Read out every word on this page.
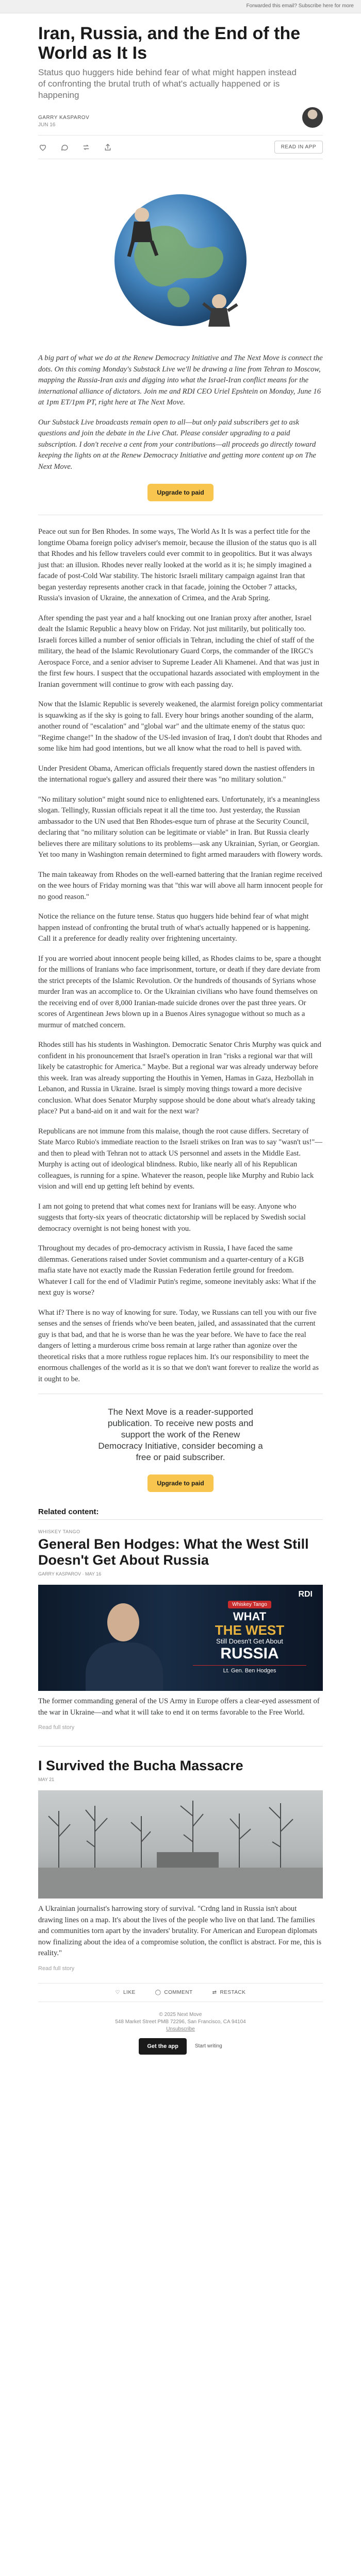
Forwarded this email? Subscribe here for more
Iran, Russia, and the End of the World as It Is
Status quo huggers hide behind fear of what might happen instead of confronting the brutal truth of what's actually happened or is happening
GARRY KASPAROV
JUN 16
READ IN APP

A big part of what we do at the Renew Democracy Initiative and The Next Move is connect the dots. On this coming Monday's Substack Live we'll be drawing a line from Tehran to Moscow, mapping the Russia-Iran axis and digging into what the Israel-Iran conflict means for the international alliance of dictators. Join me and RDI CEO Uriel Epshtein on Monday, June 16 at 1pm ET/1pm PT, right here at The Next Move.

Our Substack Live broadcasts remain open to all—but only paid subscribers get to ask questions and join the debate in the Live Chat. Please consider upgrading to a paid subscription. I don't receive a cent from your contributions—all proceeds go directly toward keeping the lights on at the Renew Democracy Initiative and getting more content up on The Next Move.

Upgrade to paid

Peace out sun for Ben Rhodes. In some ways, The World As It Is was a perfect title for the longtime Obama foreign policy adviser's memoir, because the illusion of the status quo is all that Rhodes and his fellow travelers could ever commit to in geopolitics. But it was always just that: an illusion. Rhodes never really looked at the world as it is; he simply imagined a facade of post-Cold War stability. The historic Israeli military campaign against Iran that began yesterday represents another crack in that facade, joining the October 7 attacks, Russia's invasion of Ukraine, the annexation of Crimea, and the Arab Spring.

After spending the past year and a half knocking out one Iranian proxy after another, Israel dealt the Islamic Republic a heavy blow on Friday. Not just militarily, but politically too. Israeli forces killed a number of senior officials in Tehran, including the chief of staff of the military, the head of the Islamic Revolutionary Guard Corps, the commander of the IRGC's Aerospace Force, and a senior adviser to Supreme Leader Ali Khamenei. And that was just in the first few hours. I suspect that the occupational hazards associated with employment in the Iranian government will continue to grow with each passing day.

Now that the Islamic Republic is severely weakened, the alarmist foreign policy commentariat is squawking as if the sky is going to fall. Every hour brings another sounding of the alarm, another round of "escalation" and "global war" and the ultimate enemy of the status quo: "Regime change!" In the shadow of the US-led invasion of Iraq, I don't doubt that Rhodes and some like him had good intentions, but we all know what the road to hell is paved with.

Under President Obama, American officials frequently stared down the nastiest offenders in the international rogue's gallery and assured their there was "no military solution."

"No military solution" might sound nice to enlightened ears. Unfortunately, it's a meaningless slogan. Tellingly, Russian officials repeat it all the time too. Just yesterday, the Russian ambassador to the UN used that Ben Rhodes-esque turn of phrase at the Security Council, declaring that "no military solution can be legitimate or viable" in Iran. But Russia clearly believes there are military solutions to its problems—ask any Ukrainian, Syrian, or Georgian. Yet too many in Washington remain determined to fight armed marauders with flowery words.

The main takeaway from Rhodes on the well-earned battering that the Iranian regime received on the wee hours of Friday morning was that "this war will above all harm innocent people for no good reason."

Notice the reliance on the future tense. Status quo huggers hide behind fear of what might happen instead of confronting the brutal truth of what's actually happened or is happening. Call it a preference for deadly reality over frightening uncertainty.

If you are worried about innocent people being killed, as Rhodes claims to be, spare a thought for the millions of Iranians who face imprisonment, torture, or death if they dare deviate from the strict precepts of the Islamic Revolution. Or the hundreds of thousands of Syrians whose murder Iran was an accomplice to. Or the Ukrainian civilians who have found themselves on the receiving end of over 8,000 Iranian-made suicide drones over the past three years. Or scores of Argentinean Jews blown up in a Buenos Aires synagogue without so much as a murmur of matched concern.

Rhodes still has his students in Washington. Democratic Senator Chris Murphy was quick and confident in his pronouncement that Israel's operation in Iran "risks a regional war that will likely be catastrophic for America." Maybe. But a regional war was already underway before this week. Iran was already supporting the Houthis in Yemen, Hamas in Gaza, Hezbollah in Lebanon, and Russia in Ukraine. Israel is simply moving things toward a more decisive conclusion. What does Senator Murphy suppose should be done about what's already taking place? Put a band-aid on it and wait for the next war?

Republicans are not immune from this malaise, though the root cause differs. Secretary of State Marco Rubio's immediate reaction to the Israeli strikes on Iran was to say "wasn't us!"—and then to plead with Tehran not to attack US personnel and assets in the Middle East. Murphy is acting out of ideological blindness. Rubio, like nearly all of his Republican colleagues, is running for a spine. Whatever the reason, people like Murphy and Rubio lack vision and will end up getting left behind by events.

I am not going to pretend that what comes next for Iranians will be easy. Anyone who suggests that forty-six years of theocratic dictatorship will be replaced by Swedish social democracy overnight is not being honest with you.

Throughout my decades of pro-democracy activism in Russia, I have faced the same dilemmas. Generations raised under Soviet communism and a quarter-century of a KGB mafia state have not exactly made the Russian Federation fertile ground for freedom. Whatever I call for the end of Vladimir Putin's regime, someone inevitably asks: What if the next guy is worse?

What if? There is no way of knowing for sure. Today, we Russians can tell you with our five senses and the senses of friends who've been beaten, jailed, and assassinated that the current guy is that bad, and that he is worse than he was the year before. We have to face the real dangers of letting a murderous crime boss remain at large rather than agonize over the theoretical risks that a more ruthless rogue replaces him. It's our responsibility to meet the enormous challenges of the world as it is so that we don't want forever to realize the world as it ought to be.

The Next Move is a reader-supported publication. To receive new posts and support the work of the Renew Democracy Initiative, consider becoming a free or paid subscriber.

Upgrade to paid
Related content:
WHISKEY TANGO
General Ben Hodges: What the West Still Doesn't Get About Russia
GARRY KASPAROV · MAY 16
RDI
Whiskey Tango
WHAT
THE WEST
Still Doesn't Get About
RUSSIA
Lt. Gen. Ben Hodges
The former commanding general of the US Army in Europe offers a clear-eyed assessment of the war in Ukraine—and what it will take to end it on terms favorable to the Free World.
Read full story
I Survived the Bucha Massacre
MAY 21
A Ukrainian journalist's harrowing story of survival. "Crdng land in Russia isn't about drawing lines on a map. It's about the lives of the people who live on that land. The families and communities torn apart by the invaders' brutality. For American and European diplomats now finalizing about the idea of a compromise solution, the conflict is abstract. For me, this is reality."
Read full story
♡ LIKE	◯ COMMENT	⇄ RESTACK
© 2025 Next Move
548 Market Street PMB 72296, San Francisco, CA 94104
Unsubscribe
Get the app	Start writing
